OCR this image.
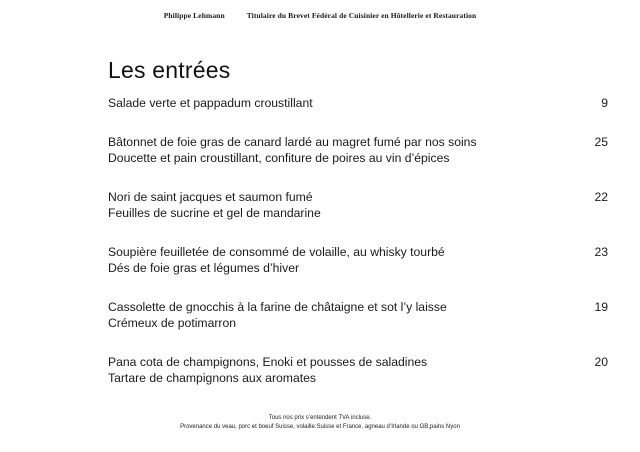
Philippe Lehmann	Titulaire du Brevet Fédéral de Cuisinier en Hôtellerie et Restauration
Les entrées
Salade verte et pappadum croustillant	9
Bâtonnet de foie gras de canard lardé au magret fumé par nos soins
Doucette et pain croustillant, confiture de poires au vin d’épices
25
Nori de saint jacques et saumon fumé
Feuilles de sucrine et gel de mandarine
22
Soupière feuilletée de consommé de volaille, au whisky tourbé
Dés de foie gras et légumes d’hiver
23
Cassolette de gnocchis à la farine de châtaigne et sot l’y laisse
Crémeux de potimarron
19
Pana cota de champignons, Enoki et pousses de saladines
Tartare de champignons aux aromates
20
Tous nos prix s’entendent TVA incluse.
Provenance du veau, porc et boeuf Suisse, volaille:Suisse et France, agneau d’Irlande ou GB,pains Nyon
